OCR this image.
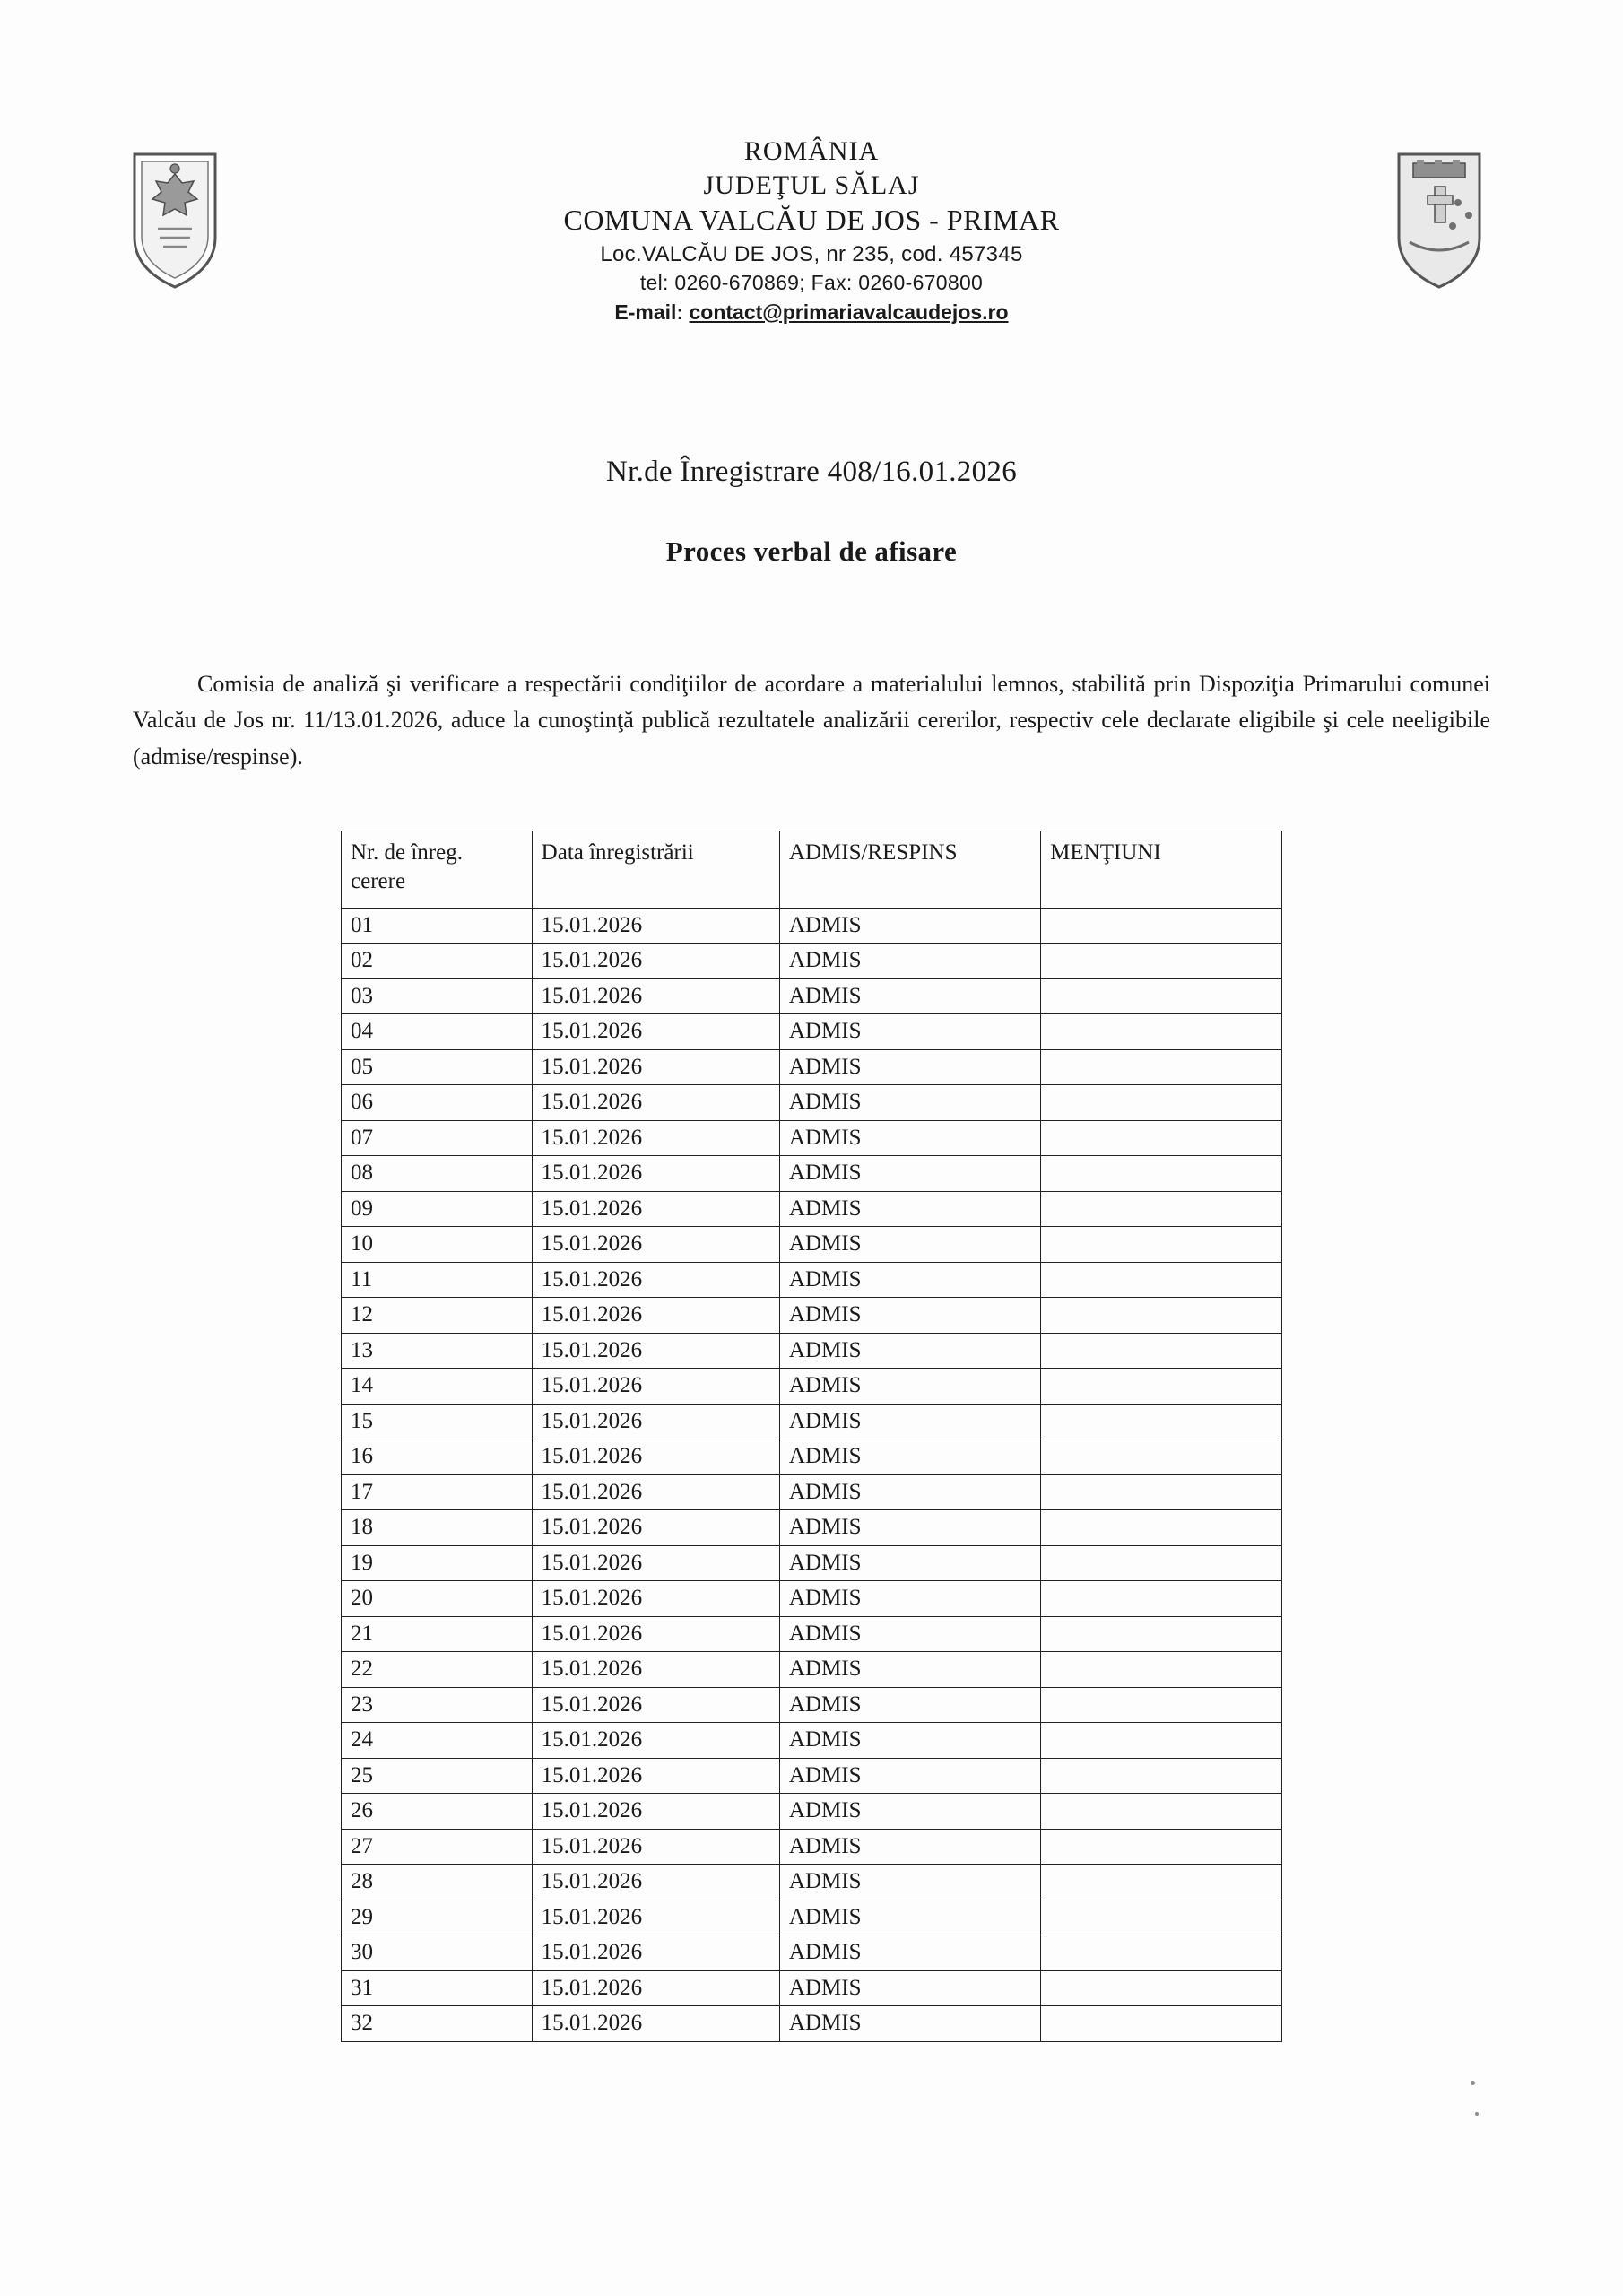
ROMÂNIA
JUDEŢUL SĂLAJ
COMUNA VALCĂU DE JOS - PRIMAR
Loc.VALCĂU DE JOS, nr 235, cod. 457345
tel: 0260-670869; Fax: 0260-670800
E-mail: contact@primariavalcaudejos.ro
Nr.de Înregistrare 408/16.01.2026
Proces verbal de afisare
Comisia de analiză şi verificare a respectării condiţiilor de acordare a materialului lemnos, stabilită prin Dispoziţia Primarului comunei Valcău de Jos nr. 11/13.01.2026, aduce la cunoştinţă publică rezultatele analizării cererilor, respectiv cele declarate eligibile şi cele neeligibile (admise/respinse).
Nr. de înreg. cerere	Data înregistrării	ADMIS/RESPINS	MENŢIUNI
01	15.01.2026	ADMIS	
02	15.01.2026	ADMIS	
03	15.01.2026	ADMIS	
04	15.01.2026	ADMIS	
05	15.01.2026	ADMIS	
06	15.01.2026	ADMIS	
07	15.01.2026	ADMIS	
08	15.01.2026	ADMIS	
09	15.01.2026	ADMIS	
10	15.01.2026	ADMIS	
11	15.01.2026	ADMIS	
12	15.01.2026	ADMIS	
13	15.01.2026	ADMIS	
14	15.01.2026	ADMIS	
15	15.01.2026	ADMIS	
16	15.01.2026	ADMIS	
17	15.01.2026	ADMIS	
18	15.01.2026	ADMIS	
19	15.01.2026	ADMIS	
20	15.01.2026	ADMIS	
21	15.01.2026	ADMIS	
22	15.01.2026	ADMIS	
23	15.01.2026	ADMIS	
24	15.01.2026	ADMIS	
25	15.01.2026	ADMIS	
26	15.01.2026	ADMIS	
27	15.01.2026	ADMIS	
28	15.01.2026	ADMIS	
29	15.01.2026	ADMIS	
30	15.01.2026	ADMIS	
31	15.01.2026	ADMIS	
32	15.01.2026	ADMIS	
